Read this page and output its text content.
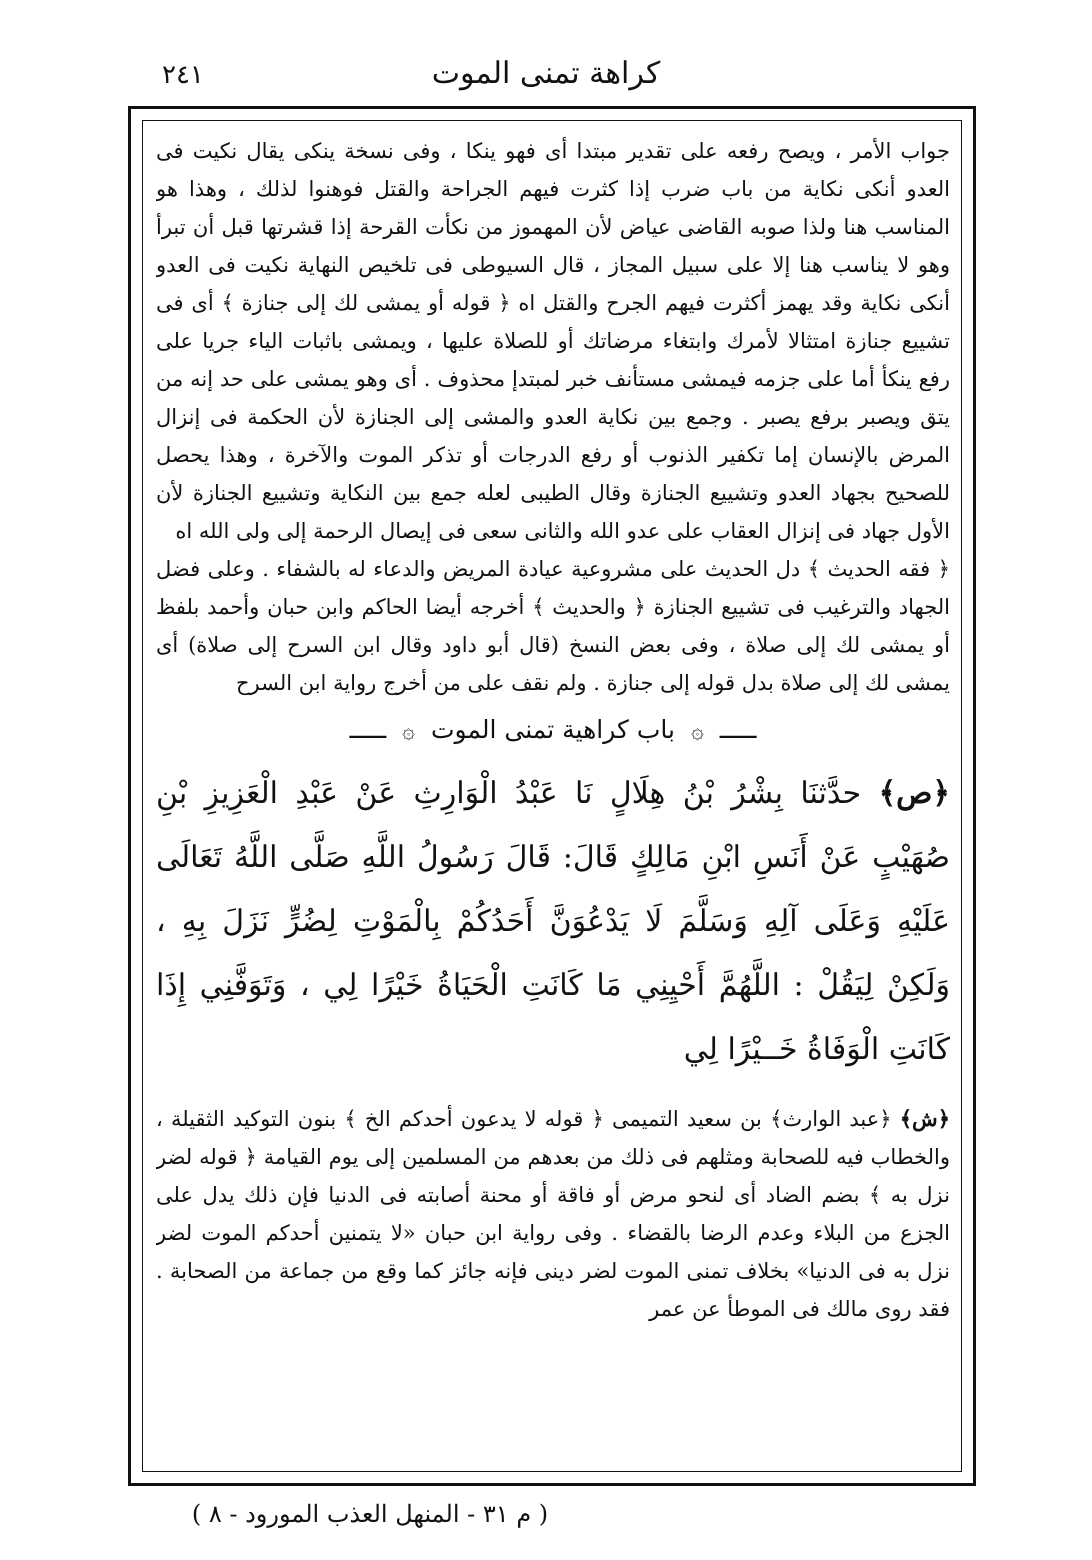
كراهة تمنى الموت
٢٤١

جواب الأمر ، ويصح رفعه على تقدير مبتدا أى فهو ينكا ، وفى نسخة ينكى يقال نكيت فى العدو أنكى نكاية من باب ضرب إذا كثرت فيهم الجراحة والقتل فوهنوا لذلك ، وهذا هو المناسب هنا ولذا صوبه القاضى عياض لأن المهموز من نكأت القرحة إذا قشرتها قبل أن تبرأ وهو لا يناسب هنا إلا على سبيل المجاز ، قال السيوطى فى تلخيص النهاية نكيت فى العدو أنكى نكاية وقد يهمز أكثرت فيهم الجرح والقتل اه ﴿ قوله أو يمشى لك إلى جنازة ﴾ أى فى تشييع جنازة امتثالا لأمرك وابتغاء مرضاتك أو للصلاة عليها ، ويمشى باثبات الياء جريا على رفع ينكأ أما على جزمه فيمشى مستأنف خبر لمبتدإ محذوف . أى وهو يمشى على حد إنه من يتق ويصبر برفع يصبر . وجمع بين نكاية العدو والمشى إلى الجنازة لأن الحكمة فى إنزال المرض بالإنسان إما تكفير الذنوب أو رفع الدرجات أو تذكر الموت والآخرة ، وهذا يحصل للصحيح بجهاد العدو وتشييع الجنازة وقال الطيبى لعله جمع بين النكاية وتشييع الجنازة لأن الأول جهاد فى إنزال العقاب على عدو الله والثانى سعى فى إيصال الرحمة إلى ولى الله اه

﴿ فقه الحديث ﴾ دل الحديث على مشروعية عيادة المريض والدعاء له بالشفاء . وعلى فضل الجهاد والترغيب فى تشييع الجنازة ﴿ والحديث ﴾ أخرجه أيضا الحاكم وابن حبان وأحمد بلفظ أو يمشى لك إلى صلاة ، وفى بعض النسخ (قال أبو داود وقال ابن السرح إلى صلاة) أى يمشى لك إلى صلاة بدل قوله إلى جنازة . ولم نقف على من أخرج رواية ابن السرح

ـــــ ۞ باب كراهية تمنى الموت ۞ ـــــ

﴿ص﴾ حدَّثنَا بِشْرُ بْنُ هِلَالٍ نَا عَبْدُ الْوَارِثِ عَنْ عَبْدِ الْعَزِيزِ بْنِ صُهَيْبٍ عَنْ أَنَسِ ابْنِ مَالِكٍ قَالَ: قَالَ رَسُولُ اللَّهِ صَلَّى اللَّهُ تَعَالَى عَلَيْهِ وَعَلَى آلِهِ وَسَلَّمَ لَا يَدْعُوَنَّ أَحَدُكُمْ بِالْمَوْتِ لِضُرٍّ نَزَلَ بِهِ ، وَلَكِنْ لِيَقُلْ : اللَّهُمَّ أَحْيِنِي مَا كَانَتِ الْحَيَاةُ خَيْرًا لِي ، وَتَوَفَّنِي إِذَا كَانَتِ الْوَفَاةُ خَــيْرًا لِي

﴿ش﴾ ﴿عبد الوارث﴾ بن سعيد التميمى ﴿ قوله لا يدعون أحدكم الخ ﴾ بنون التوكيد الثقيلة ، والخطاب فيه للصحابة ومثلهم فى ذلك من بعدهم من المسلمين إلى يوم القيامة ﴿ قوله لضر نزل به ﴾ بضم الضاد أى لنحو مرض أو فاقة أو محنة أصابته فى الدنيا فإن ذلك يدل على الجزع من البلاء وعدم الرضا بالقضاء . وفى رواية ابن حبان «لا يتمنين أحدكم الموت لضر نزل به فى الدنيا» بخلاف تمنى الموت لضر دينى فإنه جائز كما وقع من جماعة من الصحابة . فقد روى مالك فى الموطأ عن عمر

( م ٣١ - المنهل العذب المورود - ٨ )
